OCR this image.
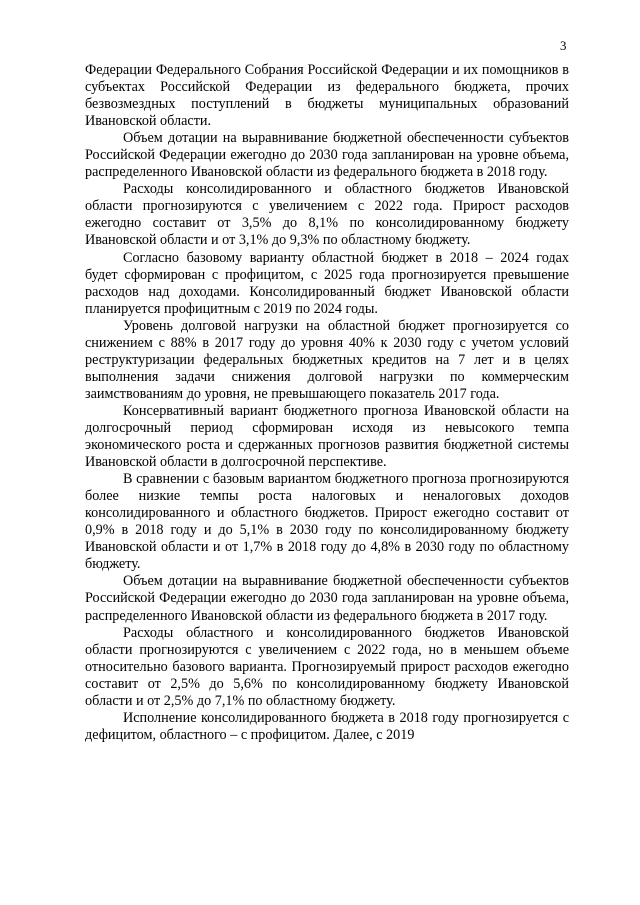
3

Федерации Федерального Собрания Российской Федерации и их помощников в субъектах Российской Федерации из федерального бюджета, прочих безвозмездных поступлений в бюджеты муниципальных образований Ивановской области.

Объем дотации на выравнивание бюджетной обеспеченности субъектов Российской Федерации ежегодно до 2030 года запланирован на уровне объема, распределенного Ивановской области из федерального бюджета в 2018 году.

Расходы консолидированного и областного бюджетов Ивановской области прогнозируются с увеличением с 2022 года. Прирост расходов ежегодно составит от 3,5% до 8,1% по консолидированному бюджету Ивановской области и от 3,1% до 9,3% по областному бюджету.

Согласно базовому варианту областной бюджет в 2018 – 2024 годах будет сформирован с профицитом, с 2025 года прогнозируется превышение расходов над доходами. Консолидированный бюджет Ивановской области планируется профицитным с 2019 по 2024 годы.

Уровень долговой нагрузки на областной бюджет прогнозируется со снижением с 88% в 2017 году до уровня 40% к 2030 году с учетом условий реструктуризации федеральных бюджетных кредитов на 7 лет и в целях выполнения задачи снижения долговой нагрузки по коммерческим заимствованиям до уровня, не превышающего показатель 2017 года.

Консервативный вариант бюджетного прогноза Ивановской области на долгосрочный период сформирован исходя из невысокого темпа экономического роста и сдержанных прогнозов развития бюджетной системы Ивановской области в долгосрочной перспективе.

В сравнении с базовым вариантом бюджетного прогноза прогнозируются более низкие темпы роста налоговых и неналоговых доходов консолидированного и областного бюджетов. Прирост ежегодно составит от 0,9% в 2018 году и до 5,1% в 2030 году по консолидированному бюджету Ивановской области и от 1,7% в 2018 году до 4,8% в 2030 году по областному бюджету.

Объем дотации на выравнивание бюджетной обеспеченности субъектов Российской Федерации ежегодно до 2030 года запланирован на уровне объема, распределенного Ивановской области из федерального бюджета в 2017 году.

Расходы областного и консолидированного бюджетов Ивановской области прогнозируются с увеличением с 2022 года, но в меньшем объеме относительно базового варианта. Прогнозируемый прирост расходов ежегодно составит от 2,5% до 5,6% по консолидированному бюджету Ивановской области и от 2,5% до 7,1% по областному бюджету.

Исполнение консолидированного бюджета в 2018 году прогнозируется с дефицитом, областного – с профицитом. Далее, с 2019
